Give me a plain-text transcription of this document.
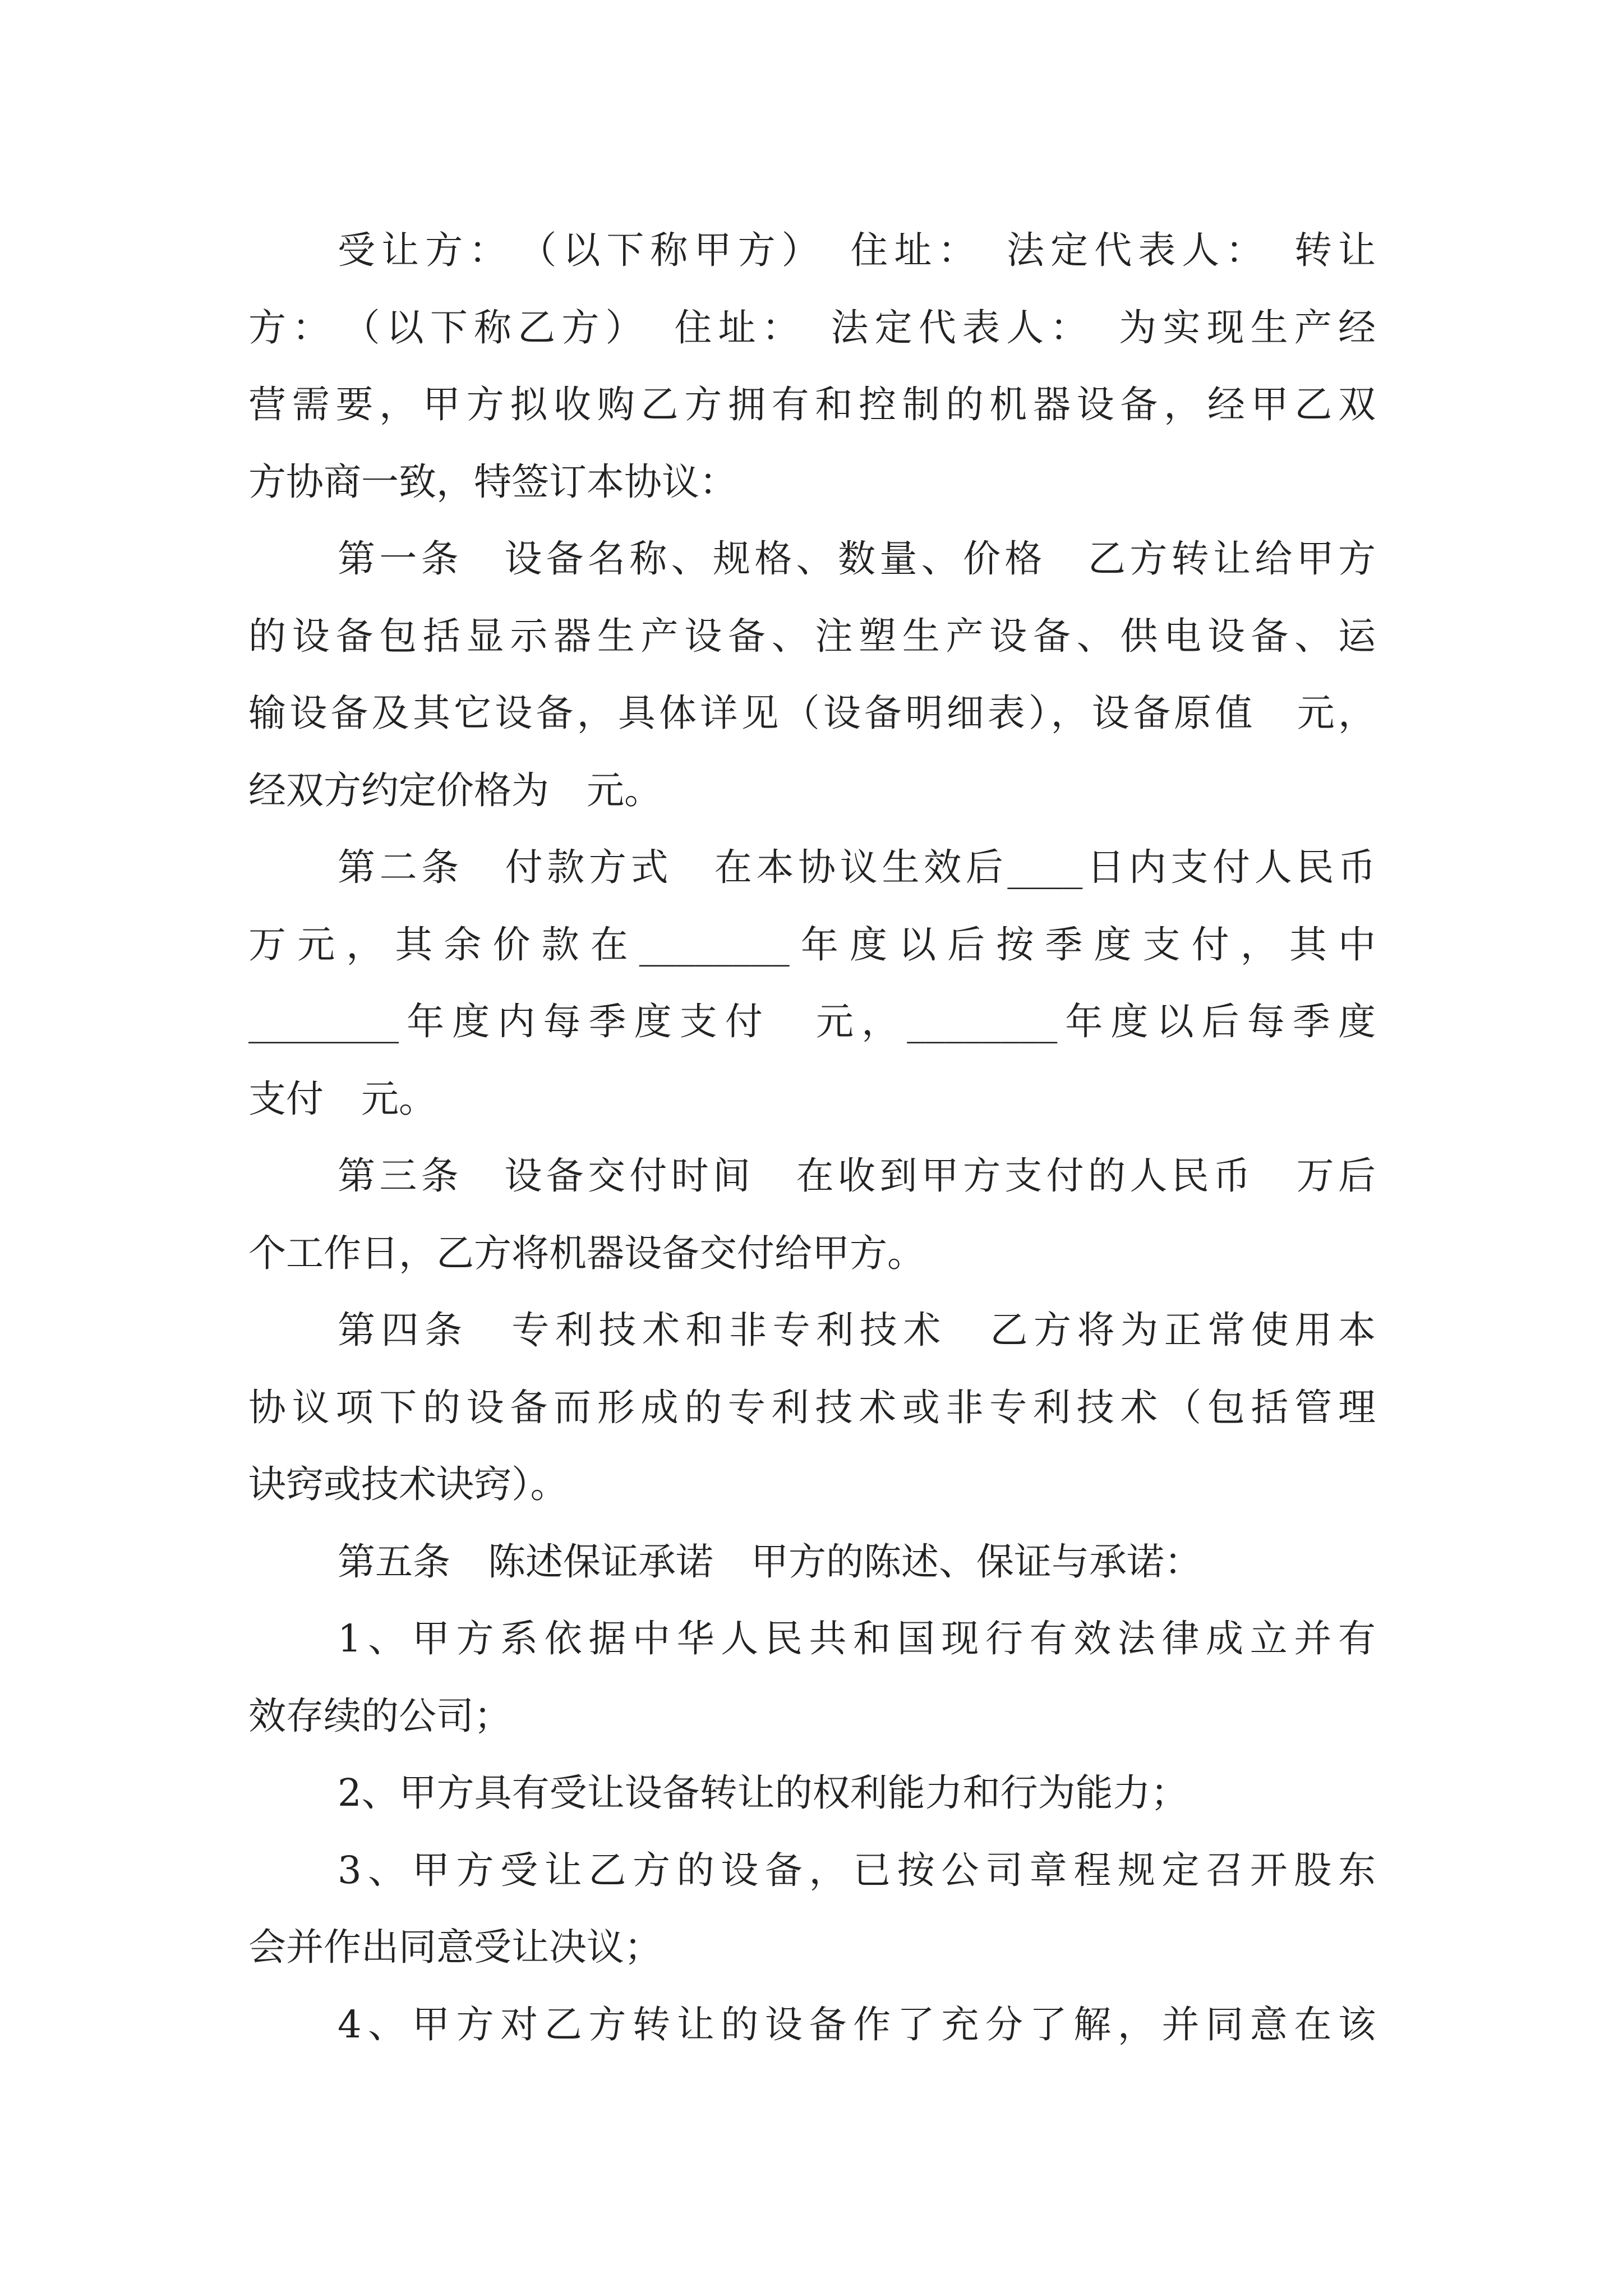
受让方：　（以下称甲方）　住址：　法定代表人：　转让
方：　（以下称乙方）　住址：　法定代表人：　为实现生产经
营需要，甲方拟收购乙方拥有和控制的机器设备，经甲乙双
方协商一致，特签订本协议：
第一条　设备名称、规格、数量、价格　乙方转让给甲方
的设备包括显示器生产设备、注塑生产设备、供电设备、运
输设备及其它设备，具体详见（设备明细表），设备原值　元，
经双方约定价格为　元。
第二条　付款方式　在本协议生效后____日内支付人民币
万元，其余价款在________年度以后按季度支付，其中
________年度内每季度支付　元，________年度以后每季度
支付　元。
第三条　设备交付时间　在收到甲方支付的人民币　万后
个工作日，乙方将机器设备交付给甲方。
第四条　专利技术和非专利技术　乙方将为正常使用本
协议项下的设备而形成的专利技术或非专利技术（包括管理
诀窍或技术诀窍）。
第五条　陈述保证承诺　甲方的陈述、保证与承诺：
1、甲方系依据中华人民共和国现行有效法律成立并有
效存续的公司；
2、甲方具有受让设备转让的权利能力和行为能力；
3、甲方受让乙方的设备，已按公司章程规定召开股东
会并作出同意受让决议；
4、甲方对乙方转让的设备作了充分了解，并同意在该
